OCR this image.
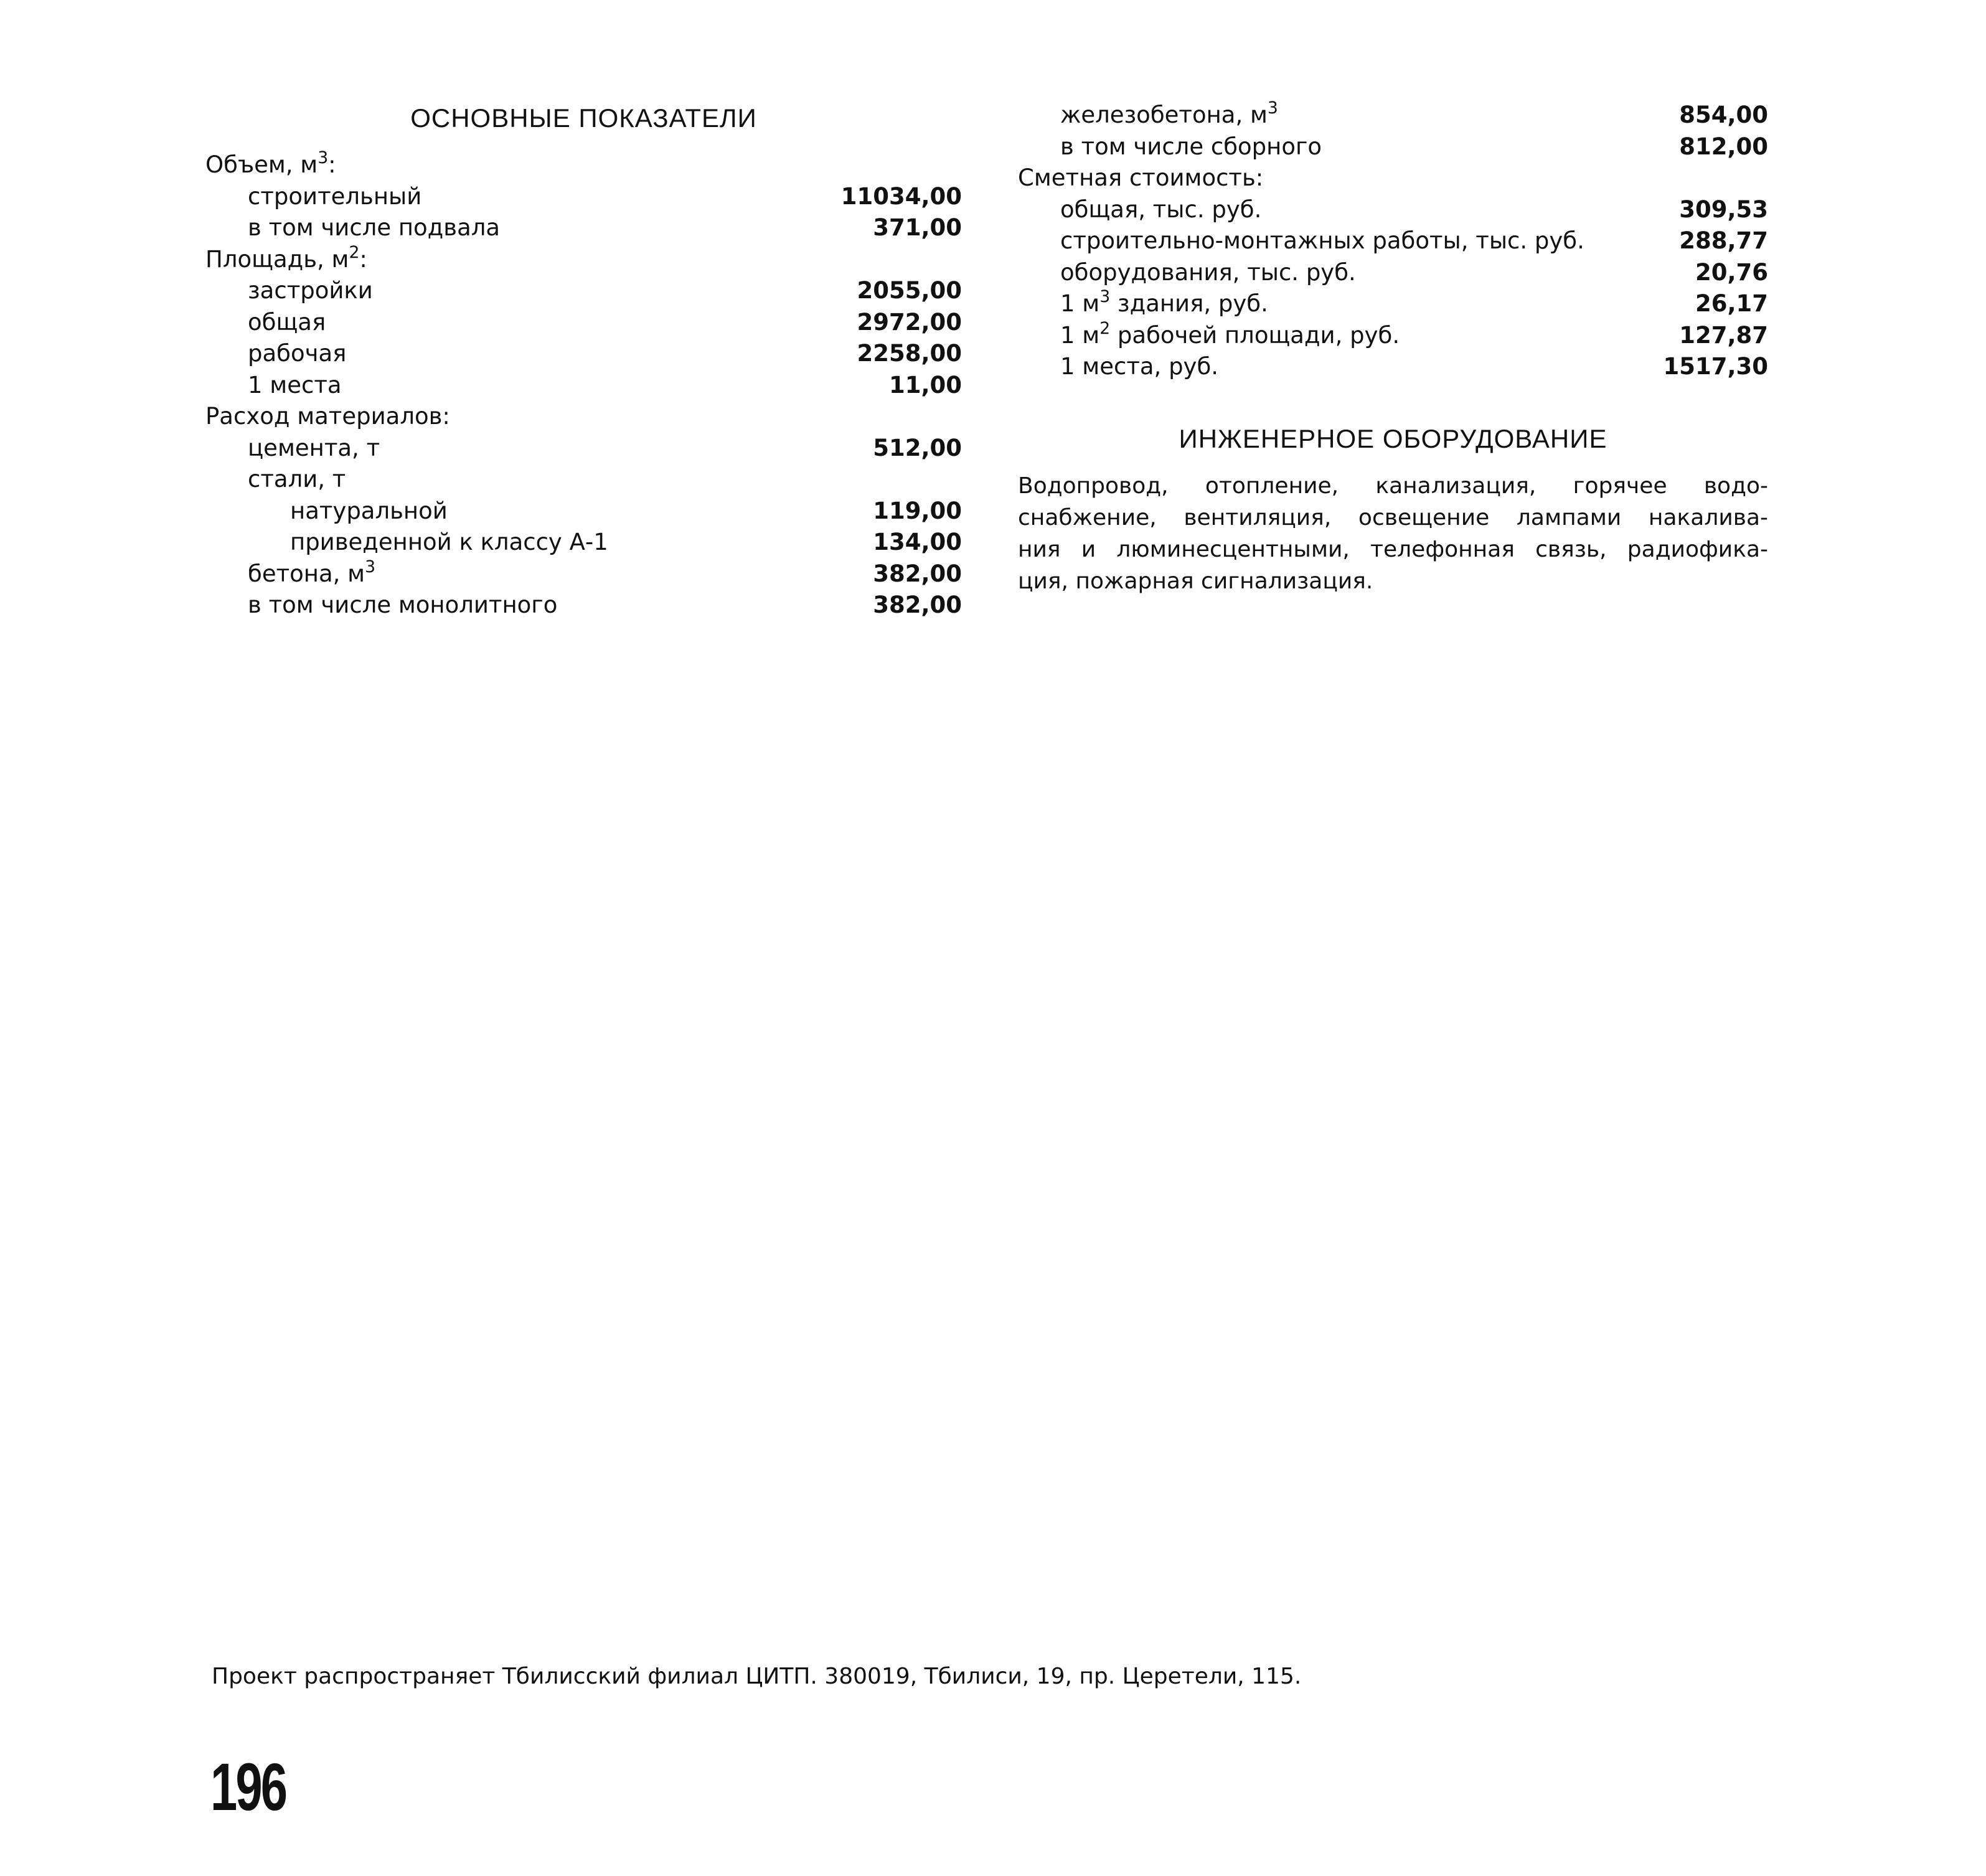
ОСНОВНЫЕ ПОКАЗАТЕЛИ
Объем, $м^3$:
строительный	11034,00
в том числе подвала	371,00
Площадь, $м^2$:
застройки	2055,00
общая	2972,00
рабочая	2258,00
1 места	11,00
Расход материалов:
цемента, т	512,00
стали, т
натуральной	119,00
приведенной к классу А-1	134,00
бетона, $м^3$	382,00
в том числе монолитного	382,00
железобетона, $м^3$	854,00
в том числе сборного	812,00
Сметная стоимость:
общая, тыс. руб.	309,53
строительно-монтажных работы, тыс. руб.	288,77
оборудования, тыс. руб.	20,76
1 $м^3$ здания, руб.	26,17
1 $м^2$ рабочей площади, руб.	127,87
1 места, руб.	1517,30
ИНЖЕНЕРНОЕ ОБОРУДОВАНИЕ
Водопровод, отопление, канализация, горячее водо-
снабжение, вентиляция, освещение лампами накалива-
ния и люминесцентными, телефонная связь, радиофика-
ция, пожарная сигнализация.
Проект распространяет Тбилисский филиал ЦИТП. 380019, Тбилиси, 19, пр. Церетели, 115.
196
